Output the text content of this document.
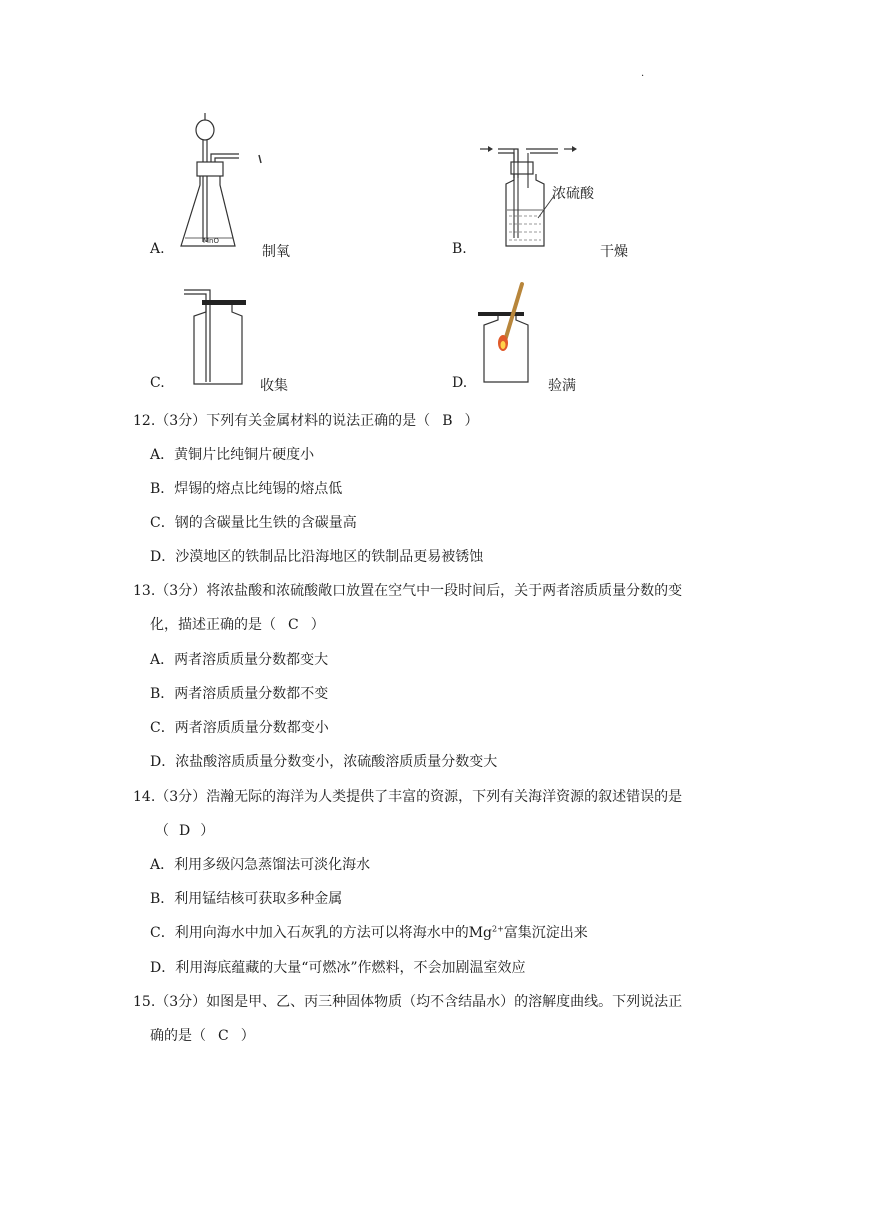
.
MnO
A.	制氧
浓硫酸
B.	干燥
C.	收集	D.	验满
12.（3分）下列有关金属材料的说法正确的是（ B ）
A．黄铜片比纯铜片硬度小
B．焊锡的熔点比纯锡的熔点低
C．钢的含碳量比生铁的含碳量高
D．沙漠地区的铁制品比沿海地区的铁制品更易被锈蚀
13.（3分）将浓盐酸和浓硫酸敞口放置在空气中一段时间后，关于两者溶质质量分数的变
化，描述正确的是（ C ）
A．两者溶质质量分数都变大
B．两者溶质质量分数都不变
C．两者溶质质量分数都变小
D．浓盐酸溶质质量分数变小，浓硫酸溶质质量分数变大
14.（3分）浩瀚无际的海洋为人类提供了丰富的资源，下列有关海洋资源的叙述错误的是
（ D ）
A．利用多级闪急蒸馏法可淡化海水
B．利用锰结核可获取多种金属
C．利用向海水中加入石灰乳的方法可以将海水中的$Mg^{2+}$富集沉淀出来
D．利用海底蕴藏的大量“可燃冰”作燃料，不会加剧温室效应
15.（3分）如图是甲、乙、丙三种固体物质（均不含结晶水）的溶解度曲线。下列说法正
确的是（ C ）
